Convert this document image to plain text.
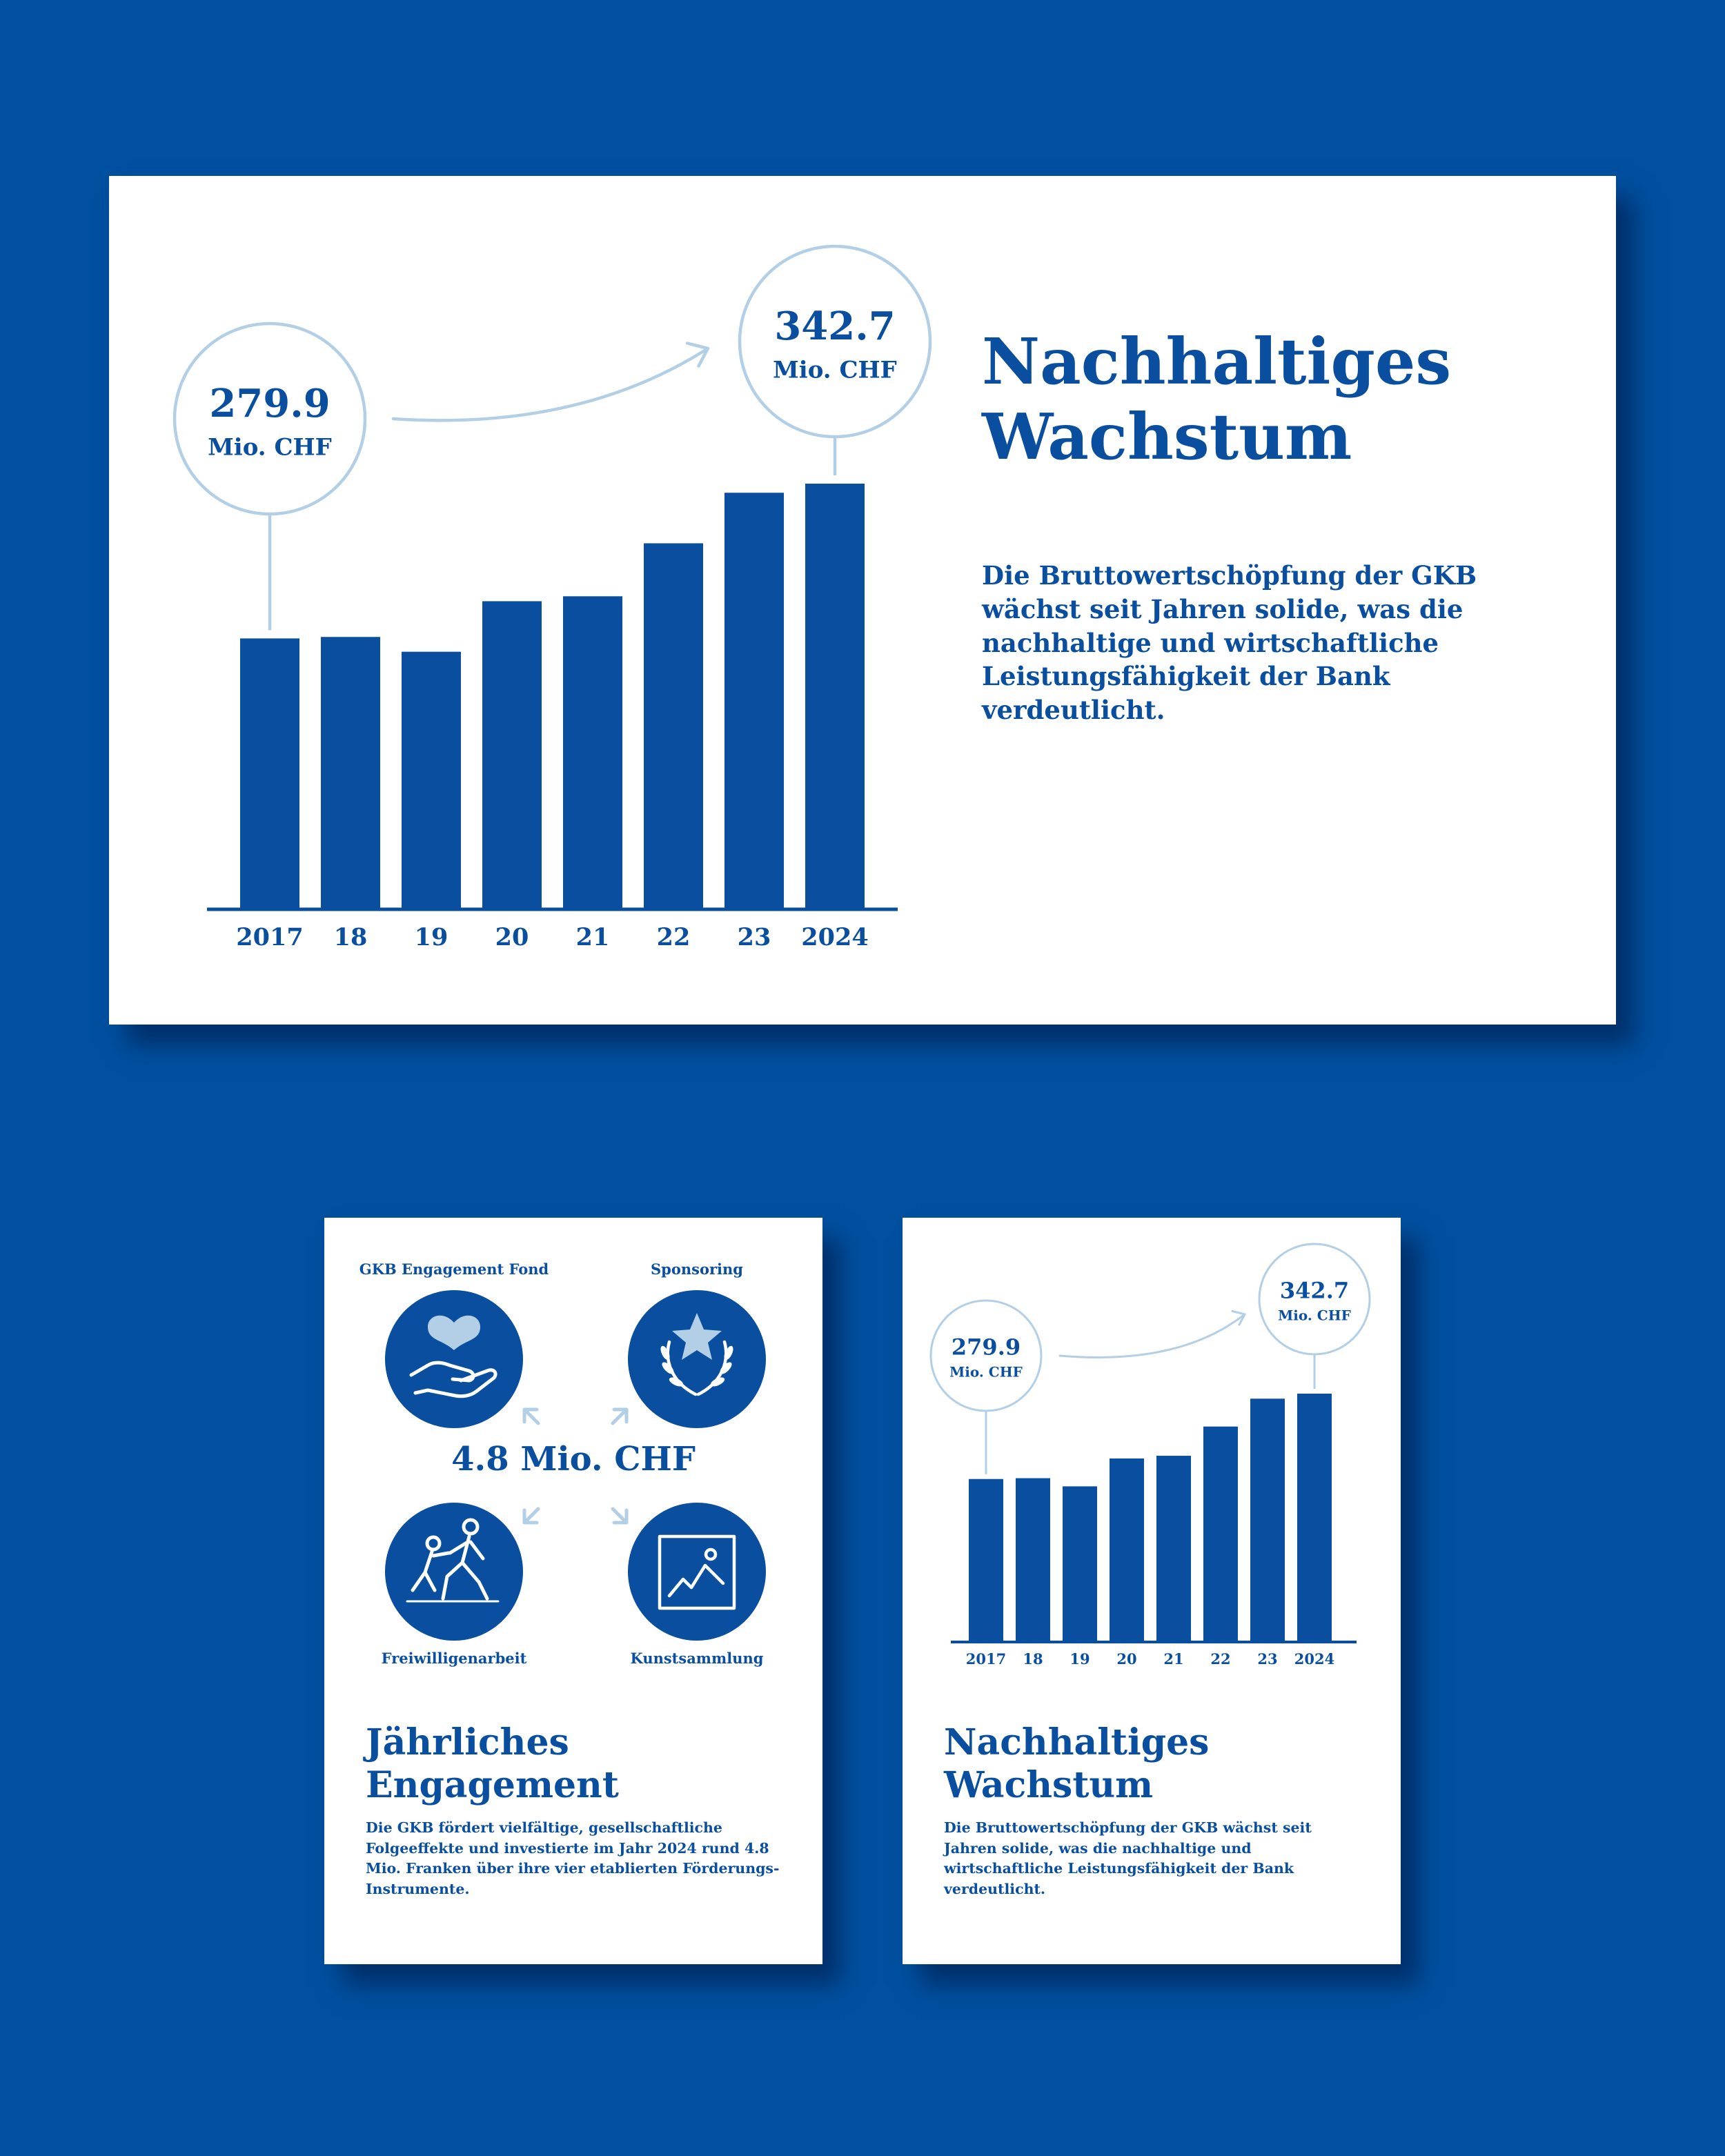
2017 18 19 20 21 22 23 2024
279.9
Mio. CHF
342.7
Mio. CHF Nachhaltiges
Wachstum

Die Bruttowertschöpfung der GKB wächst seit Jahren solide, was die nachhaltige und wirtschaftliche Leistungsfähigkeit der Bank verdeutlicht.

GKB Engagement Fond	Sponsoring
Freiwilligenarbeit	Kunstsammlung
4.8 Mio. CHF
Jährliches
Engagement

Die GKB fördert vielfältige, gesellschaftliche Folgeeffekte und investierte im Jahr 2024 rund 4.8 Mio. Franken über ihre vier etablierten Förderungs-Instrumente.

2017 18 19 20 21 22 23 2024
279.9
Mio. CHF
342.7
Mio. CHF
Nachhaltiges
Wachstum

Die Bruttowertschöpfung der GKB wächst seit Jahren solide, was die nachhaltige und wirtschaftliche Leistungsfähigkeit der Bank verdeutlicht.
